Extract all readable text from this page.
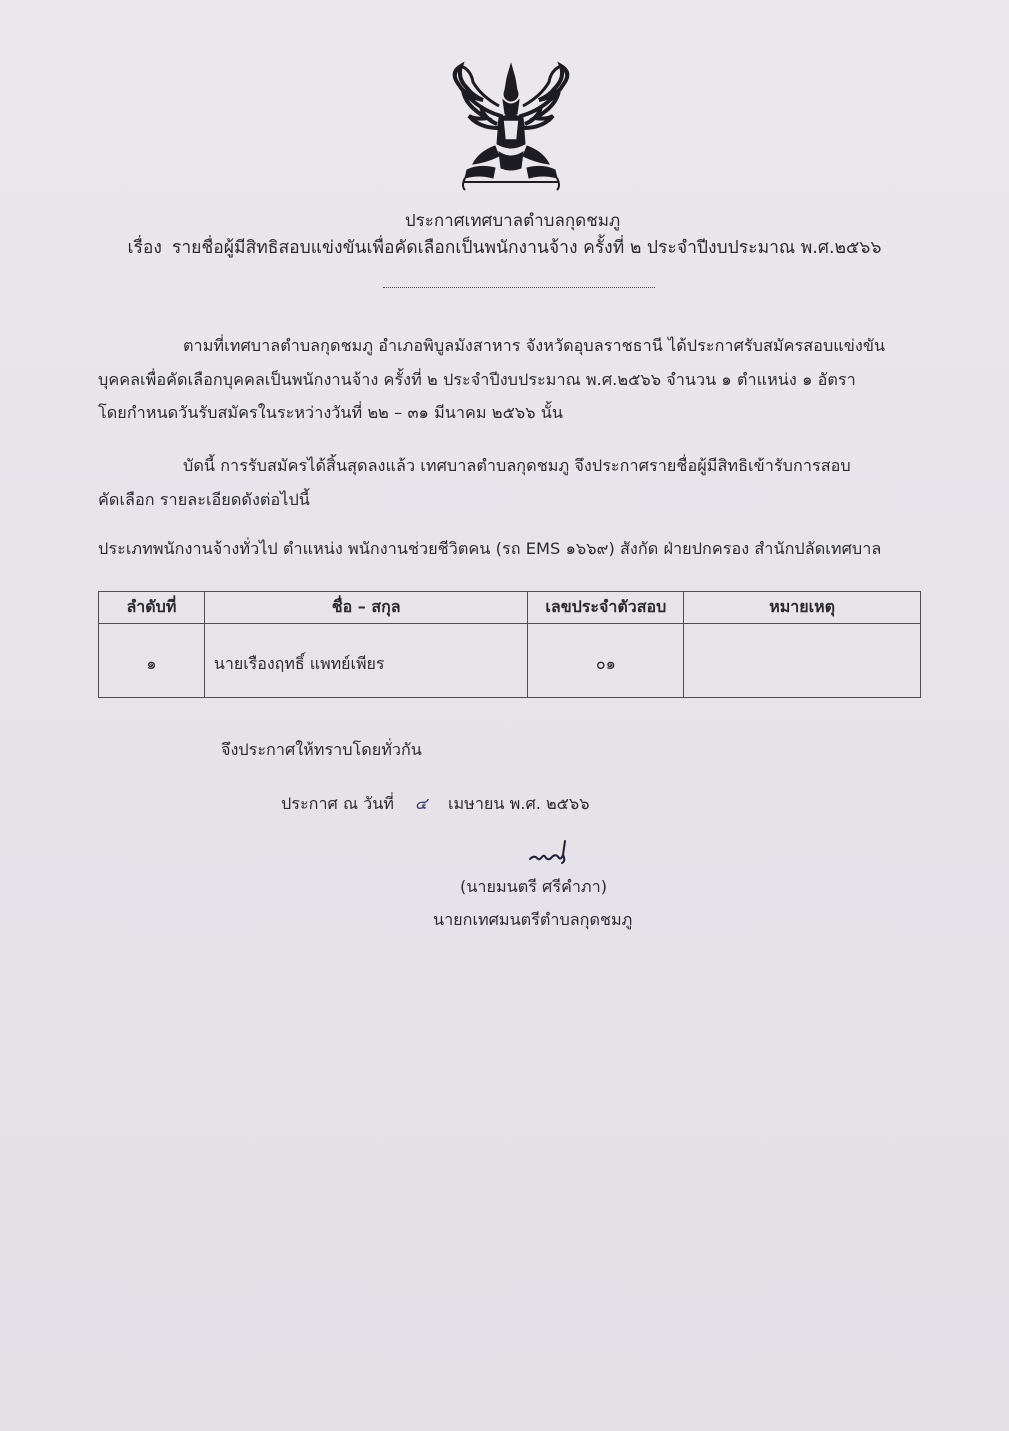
ประกาศเทศบาลตำบลกุดชมภู
เรื่อง รายชื่อผู้มีสิทธิสอบแข่งขันเพื่อคัดเลือกเป็นพนักงานจ้าง ครั้งที่ ๒ ประจำปีงบประมาณ พ.ศ.๒๕๖๖
ตามที่เทศบาลตำบลกุดชมภู อำเภอพิบูลมังสาหาร จังหวัดอุบลราชธานี ได้ประกาศรับสมัครสอบแข่งขัน
บุคคลเพื่อคัดเลือกบุคคลเป็นพนักงานจ้าง ครั้งที่ ๒ ประจำปีงบประมาณ พ.ศ.๒๕๖๖ จำนวน ๑ ตำแหน่ง ๑ อัตรา
โดยกำหนดวันรับสมัครในระหว่างวันที่ ๒๒ – ๓๑ มีนาคม ๒๕๖๖ นั้น
บัดนี้ การรับสมัครได้สิ้นสุดลงแล้ว เทศบาลตำบลกุดชมภู จึงประกาศรายชื่อผู้มีสิทธิเข้ารับการสอบ
คัดเลือก รายละเอียดดังต่อไปนี้
ประเภทพนักงานจ้างทั่วไป ตำแหน่ง พนักงานช่วยชีวิตคน (รถ EMS ๑๖๖๙) สังกัด ฝ่ายปกครอง สำนักปลัดเทศบาล
ลำดับที่	ชื่อ – สกุล	เลขประจำตัวสอบ	หมายเหตุ

๑	นายเรืองฤทธิ์ แพทย์เพียร	๐๑	

จึงประกาศให้ทราบโดยทั่วกัน
ประกาศ ณ วันที่ ๔ เมษายน พ.ศ. ๒๕๖๖
(นายมนตรี ศรีคำภา)
นายกเทศมนตรีตำบลกุดชมภู
